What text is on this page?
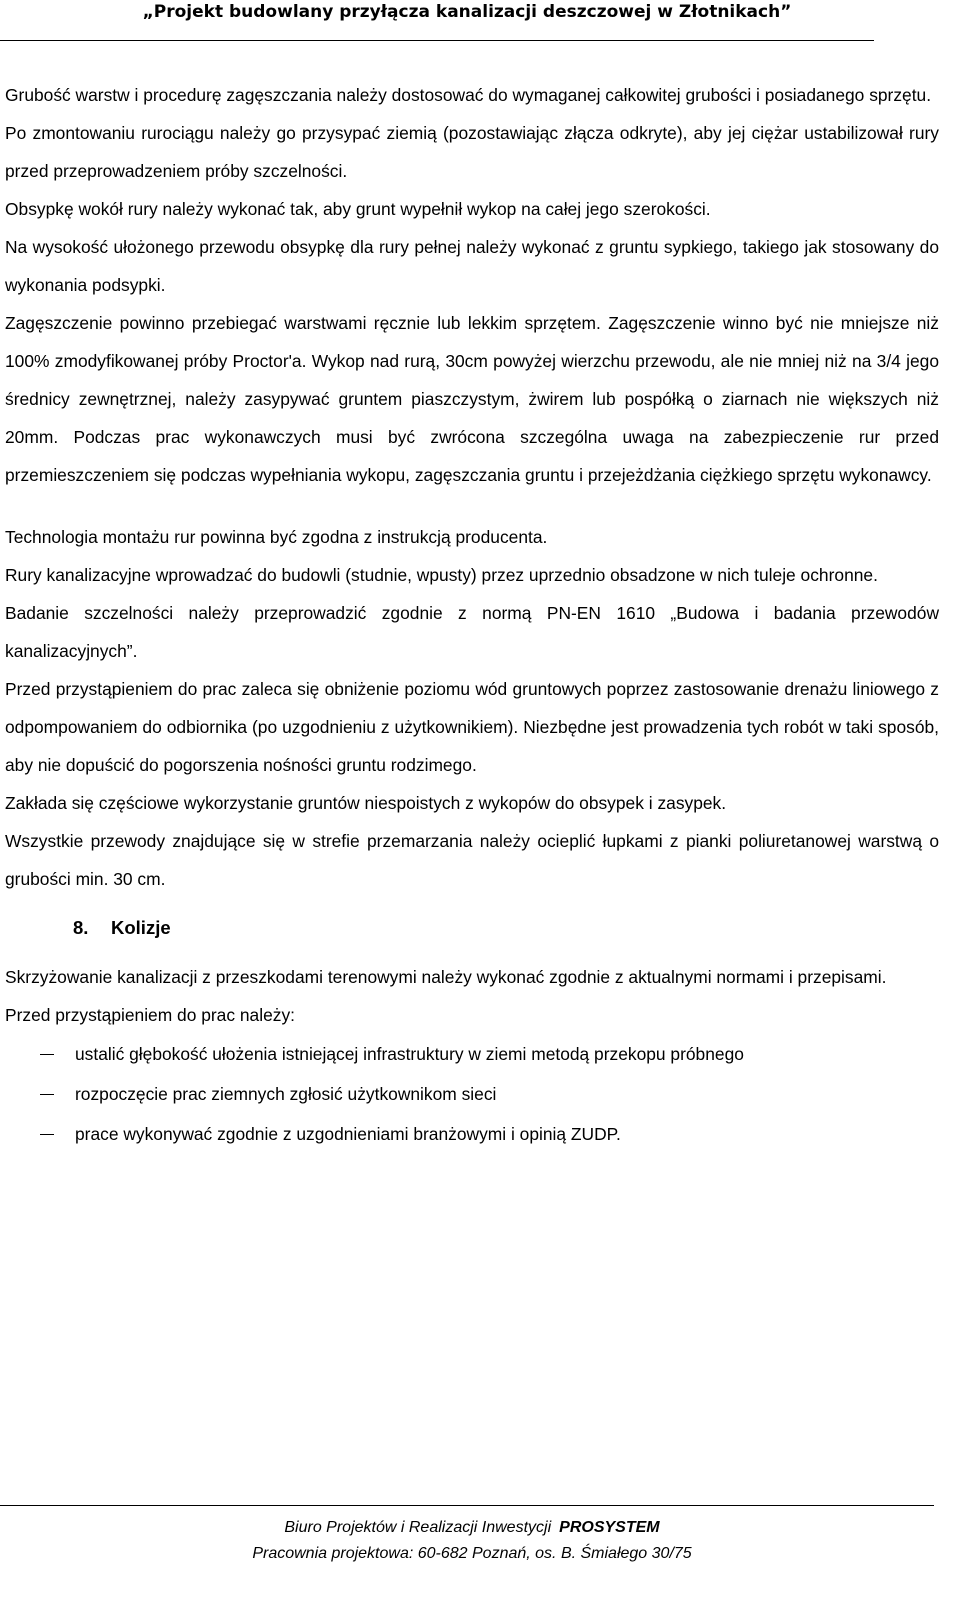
„Projekt budowlany przyłącza kanalizacji deszczowej w Złotnikach”

Grubość warstw i procedurę zagęszczania należy dostosować do wymaganej całkowitej grubości i posiadanego sprzętu.

Po zmontowaniu rurociągu należy go przysypać ziemią (pozostawiając złącza odkryte), aby jej ciężar ustabilizował rury przed przeprowadzeniem próby szczelności.

Obsypkę wokół rury należy wykonać tak, aby grunt wypełnił wykop na całej jego szerokości.

Na wysokość ułożonego przewodu obsypkę dla rury pełnej należy wykonać z gruntu sypkiego, takiego jak stosowany do wykonania podsypki.

Zagęszczenie powinno przebiegać warstwami ręcznie lub lekkim sprzętem. Zagęszczenie winno być nie mniejsze niż 100% zmodyfikowanej próby Proctor'a. Wykop nad rurą, 30cm powyżej wierzchu przewodu, ale nie mniej niż na 3/4 jego średnicy zewnętrznej, należy zasypywać gruntem piaszczystym, żwirem lub pospółką o ziarnach nie większych niż 20mm. Podczas prac wykonawczych musi być zwrócona szczególna uwaga na zabezpieczenie rur przed przemieszczeniem się podczas wypełniania wykopu, zagęszczania gruntu i przejeżdżania ciężkiego sprzętu wykonawcy.

Technologia montażu rur powinna być zgodna z instrukcją producenta.

Rury kanalizacyjne wprowadzać do budowli (studnie, wpusty) przez uprzednio obsadzone w nich tuleje ochronne.

Badanie szczelności należy przeprowadzić zgodnie z normą PN-EN 1610 „Budowa i badania przewodów kanalizacyjnych”.

Przed przystąpieniem do prac zaleca się obniżenie poziomu wód gruntowych poprzez zastosowanie drenażu liniowego z odpompowaniem do odbiornika (po uzgodnieniu z użytkownikiem). Niezbędne jest prowadzenia tych robót w taki sposób, aby nie dopuścić do pogorszenia nośności gruntu rodzimego.

Zakłada się częściowe wykorzystanie gruntów niespoistych z wykopów do obsypek i zasypek.

Wszystkie przewody znajdujące się w strefie przemarzania należy ocieplić łupkami z pianki poliuretanowej warstwą o grubości min. 30 cm.

8. Kolizje

Skrzyżowanie kanalizacji z przeszkodami terenowymi należy wykonać zgodnie z aktualnymi normami i przepisami.

Przed przystąpieniem do prac należy:

ustalić głębokość ułożenia istniejącej infrastruktury w ziemi metodą przekopu próbnego
rozpoczęcie prac ziemnych zgłosić użytkownikom sieci
prace wykonywać zgodnie z uzgodnieniami branżowymi i opinią ZUDP.
Biuro Projektów i Realizacji Inwestycji PROSYSTEM
Pracownia projektowa: 60-682 Poznań, os. B. Śmiałego 30/75
